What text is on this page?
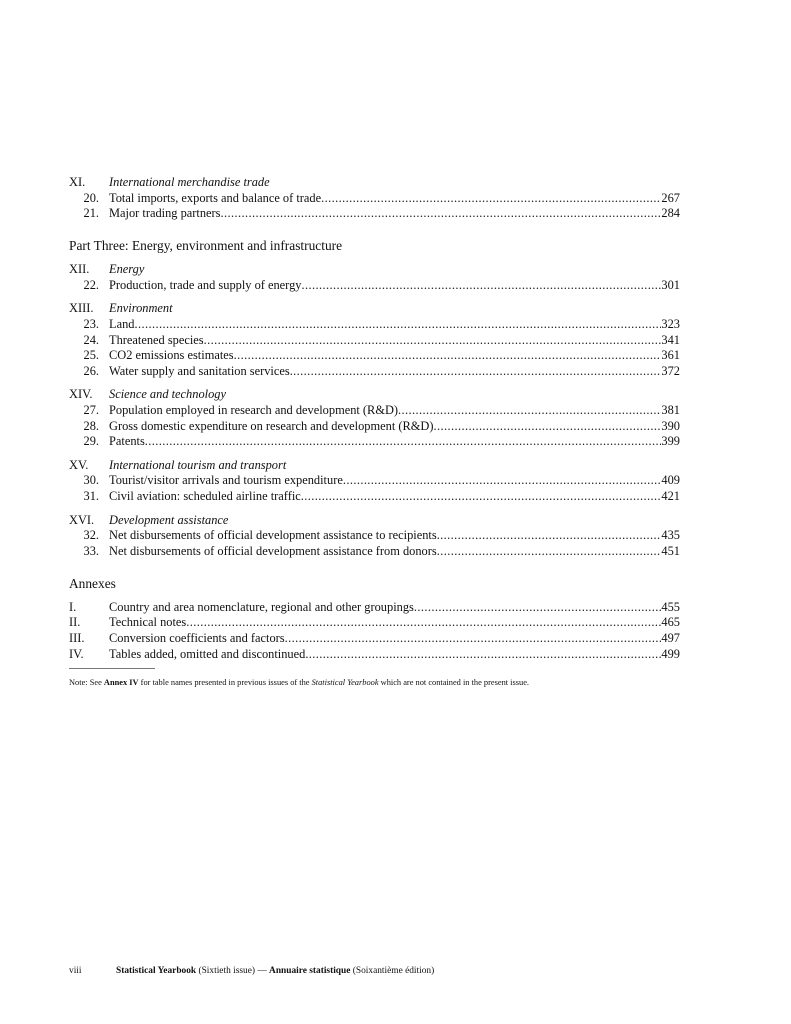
XI.	International merchandise trade
20. Total imports, exports and balance of trade .....	267
21. Major trading partners .....	284
Part Three: Energy, environment and infrastructure
XII.	Energy
22. Production, trade and supply of energy .....	301
XIII.	Environment
23. Land .....	323
24. Threatened species .....	341
25. CO2 emissions estimates .....	361
26. Water supply and sanitation services .....	372
XIV.	Science and technology
27. Population employed in research and development (R&D) .....	381
28. Gross domestic expenditure on research and development (R&D) .....	390
29. Patents .....	399
XV.	International tourism and transport
30. Tourist/visitor arrivals and tourism expenditure .....	409
31. Civil aviation: scheduled airline traffic .....	421
XVI.	Development assistance
32. Net disbursements of official development assistance to recipients .....	435
33. Net disbursements of official development assistance from donors .....	451
Annexes
I.	Country and area nomenclature, regional and other groupings .....	455
II.	Technical notes .....	465
III.	Conversion coefficients and factors .....	497
IV.	Tables added, omitted and discontinued .....	499
Note: See Annex IV for table names presented in previous issues of the Statistical Yearbook which are not contained in the present issue.
viii	Statistical Yearbook (Sixtieth issue) — Annuaire statistique (Soixantième édition)
